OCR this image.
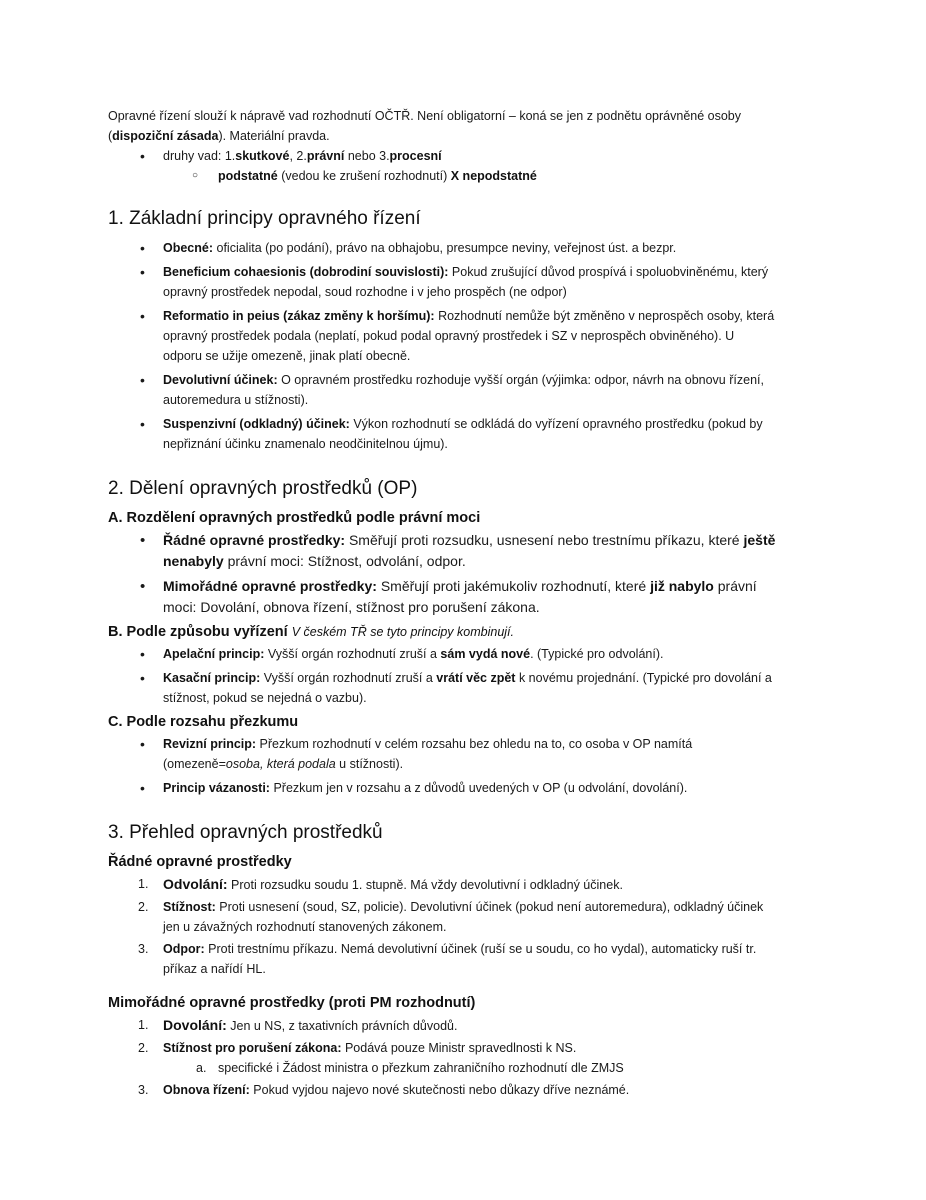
Opravné řízení slouží k nápravě vad rozhodnutí OČTŘ. Není obligatorní – koná se jen z podnětu oprávněné osoby (dispoziční zásada). Materiální pravda.

• druhy vad: 1.skutkové, 2.právní nebo 3.procesní
○ podstatné (vedou ke zrušení rozhodnutí) X nepodstatné
1. Základní principy opravného řízení
• Obecné: oficialita (po podání), právo na obhajobu, presumpce neviny, veřejnost úst. a bezpr.
• Beneficium cohaesionis (dobrodiní souvislosti): Pokud zrušující důvod prospívá i spoluobviněnému, který opravný prostředek nepodal, soud rozhodne i v jeho prospěch (ne odpor)
• Reformatio in peius (zákaz změny k horšímu): Rozhodnutí nemůže být změněno v neprospěch osoby, která opravný prostředek podala (neplatí, pokud podal opravný prostředek i SZ v neprospěch obviněného). U odporu se užije omezeně, jinak platí obecně.
• Devolutivní účinek: O opravném prostředku rozhoduje vyšší orgán (výjimka: odpor, návrh na obnovu řízení, autoremedura u stížnosti).
• Suspenzivní (odkladný) účinek: Výkon rozhodnutí se odkládá do vyřízení opravného prostředku (pokud by nepřiznání účinku znamenalo neodčinitelnou újmu).
2. Dělení opravných prostředků (OP)
A. Rozdělení opravných prostředků podle právní moci
• Řádné opravné prostředky: Směřují proti rozsudku, usnesení nebo trestnímu příkazu, které ještě nenabyly právní moci: Stížnost, odvolání, odpor.
• Mimořádné opravné prostředky: Směřují proti jakémukoliv rozhodnutí, které již nabylo právní moci: Dovolání, obnova řízení, stížnost pro porušení zákona.
B. Podle způsobu vyřízení V českém TŘ se tyto principy kombinují.
• Apelační princip: Vyšší orgán rozhodnutí zruší a sám vydá nové. (Typické pro odvolání).
• Kasační princip: Vyšší orgán rozhodnutí zruší a vrátí věc zpět k novému projednání. (Typické pro dovolání a stížnost, pokud se nejedná o vazbu).
C. Podle rozsahu přezkumu
• Revizní princip: Přezkum rozhodnutí v celém rozsahu bez ohledu na to, co osoba v OP namítá (omezeně=osoba, která podala u stížnosti).
• Princip vázanosti: Přezkum jen v rozsahu a z důvodů uvedených v OP (u odvolání, dovolání).
3. Přehled opravných prostředků
Řádné opravné prostředky
1. Odvolání: Proti rozsudku soudu 1. stupně. Má vždy devolutivní i odkladný účinek.
2. Stížnost: Proti usnesení (soud, SZ, policie). Devolutivní účinek (pokud není autoremedura), odkladný účinek jen u závažných rozhodnutí stanovených zákonem.
3. Odpor: Proti trestnímu příkazu. Nemá devolutivní účinek (ruší se u soudu, co ho vydal), automaticky ruší tr. příkaz a nařídí HL.
Mimořádné opravné prostředky (proti PM rozhodnutí)
1. Dovolání: Jen u NS, z taxativních právních důvodů.
2. Stížnost pro porušení zákona: Podává pouze Ministr spravedlnosti k NS.
a. specifické i Žádost ministra o přezkum zahraničního rozhodnutí dle ZMJS
3. Obnova řízení: Pokud vyjdou najevo nové skutečnosti nebo důkazy dříve neznámé.
